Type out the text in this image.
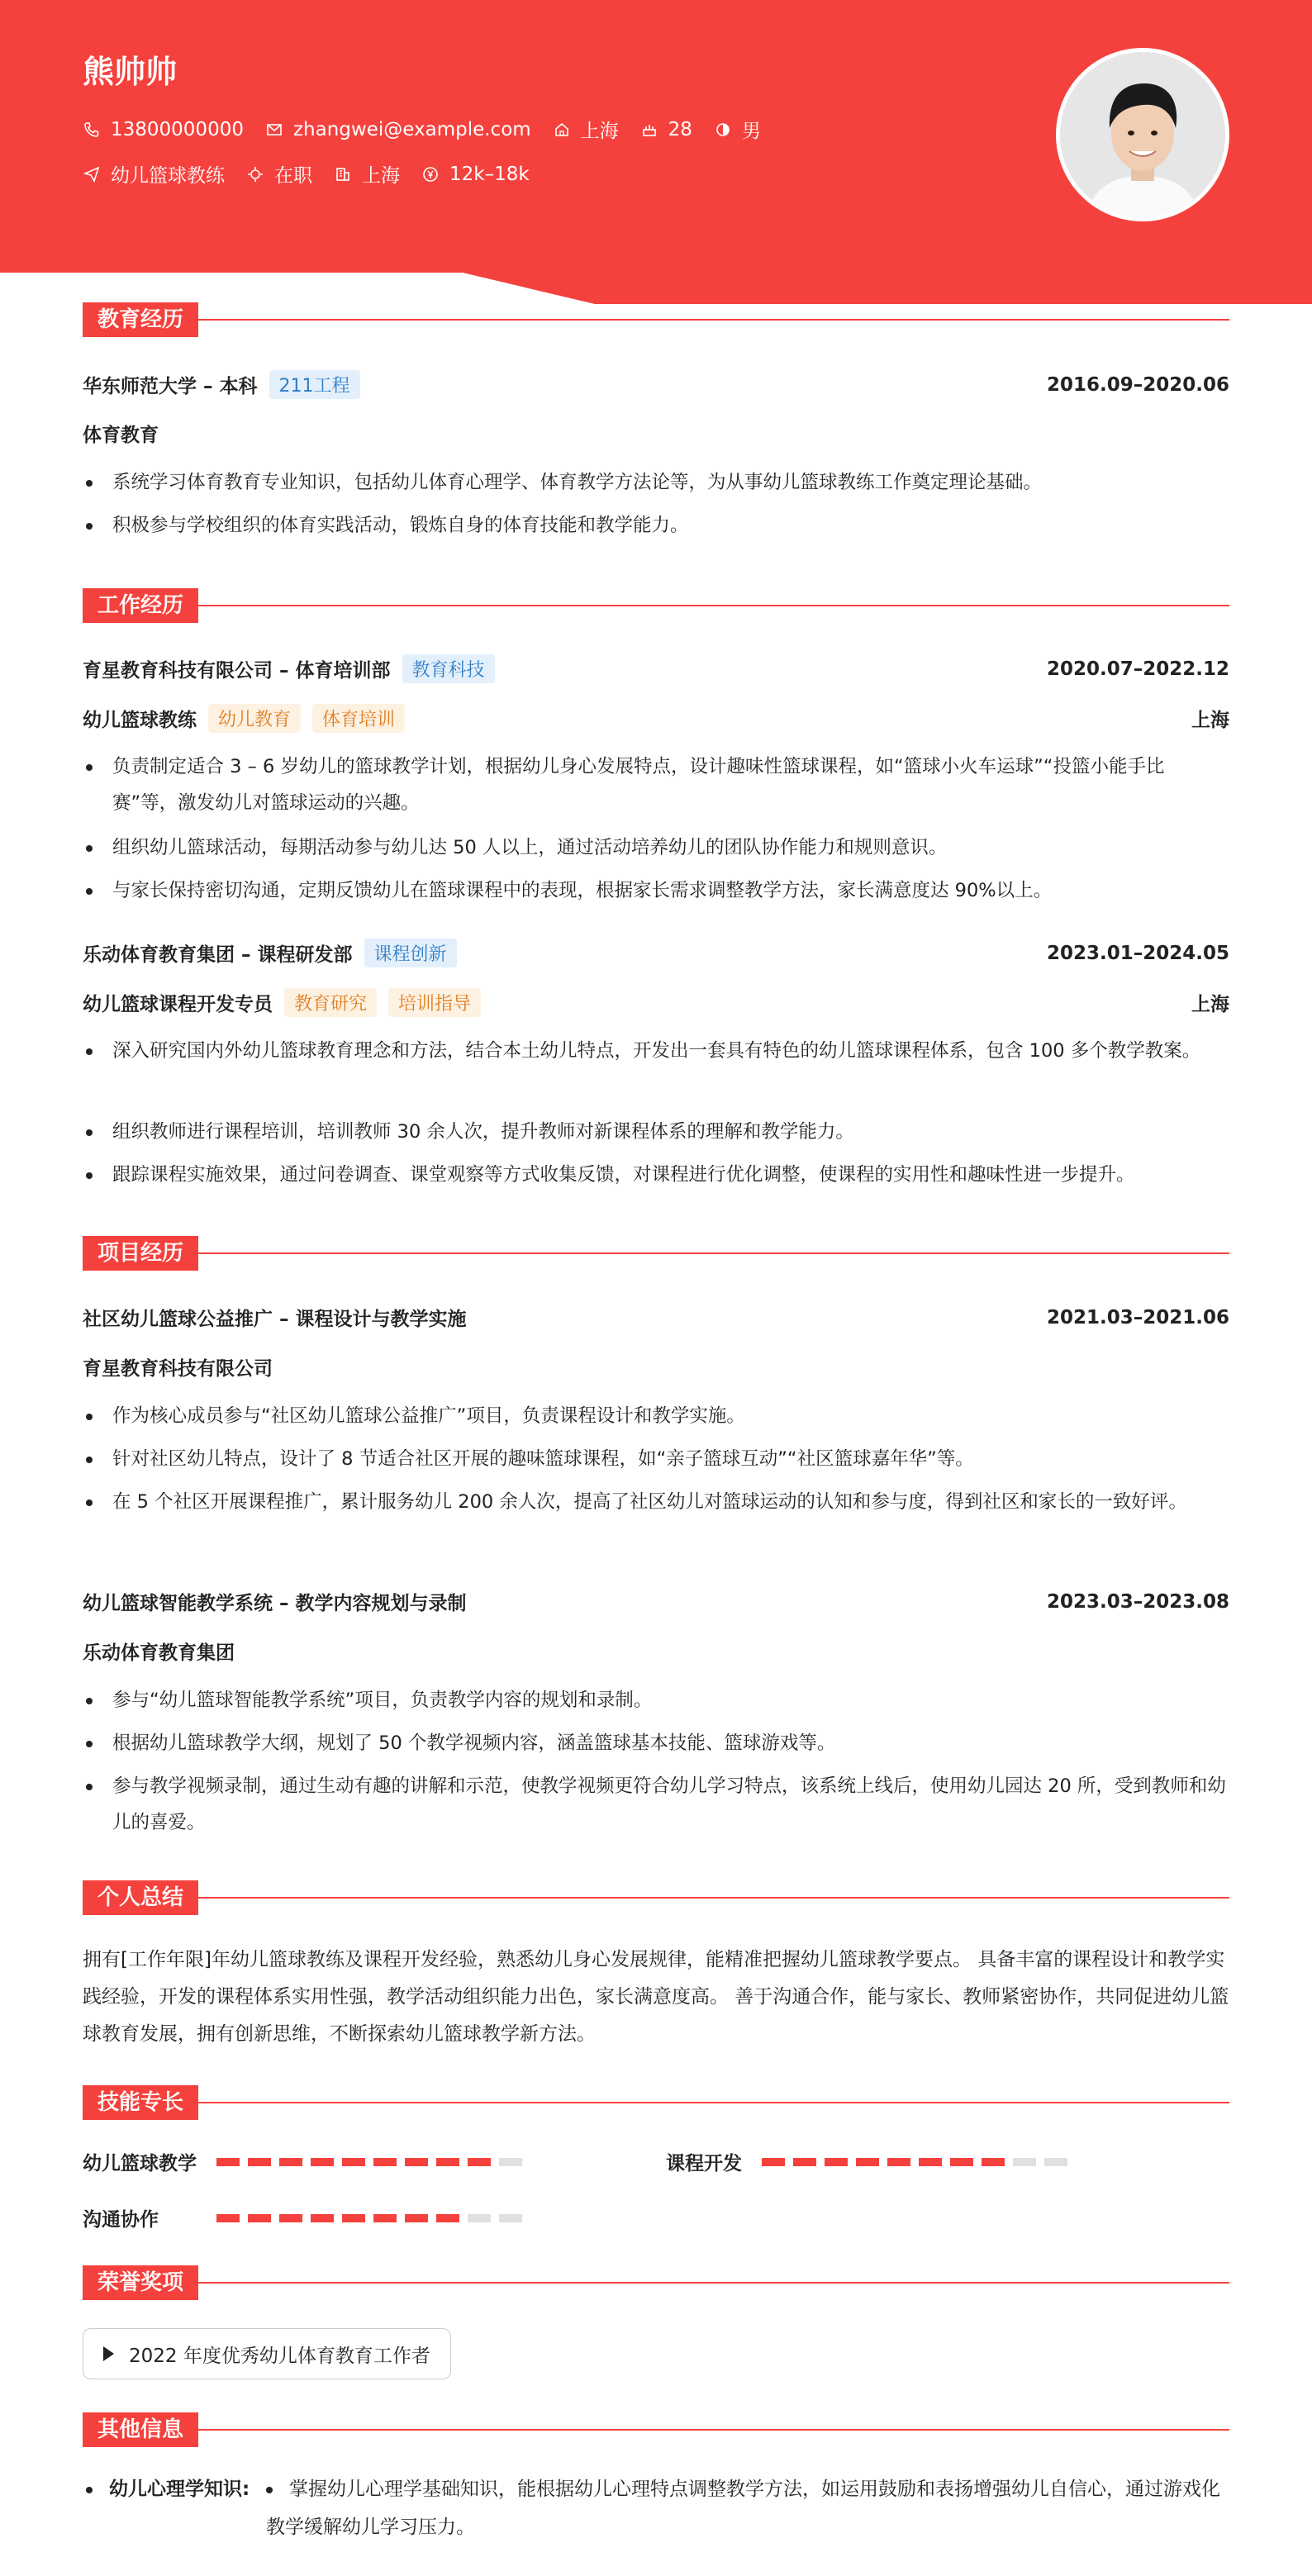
熊帅帅
13800000000	zhangwei@example.com	上海	28	男
幼儿篮球教练	在职	上海	12k–18k
教育经历
华东师范大学 – 本科	211工程	2016.09–2020.06
体育教育
系统学习体育教育专业知识，包括幼儿体育心理学、体育教学方法论等，为从事幼儿篮球教练工作奠定理论基础。
积极参与学校组织的体育实践活动，锻炼自身的体育技能和教学能力。
工作经历
育星教育科技有限公司 – 体育培训部	教育科技	2020.07–2022.12
幼儿篮球教练	幼儿教育	体育培训	上海
负责制定适合 3 – 6 岁幼儿的篮球教学计划，根据幼儿身心发展特点，设计趣味性篮球课程，如“篮球小火车运球”“投篮小能手比赛”等，激发幼儿对篮球运动的兴趣。
组织幼儿篮球活动，每期活动参与幼儿达 50 人以上，通过活动培养幼儿的团队协作能力和规则意识。
与家长保持密切沟通，定期反馈幼儿在篮球课程中的表现，根据家长需求调整教学方法，家长满意度达 90%以上。
乐动体育教育集团 – 课程研发部	课程创新	2023.01–2024.05
幼儿篮球课程开发专员	教育研究	培训指导	上海
深入研究国内外幼儿篮球教育理念和方法，结合本土幼儿特点，开发出一套具有特色的幼儿篮球课程体系，包含 100 多个教学教案。
组织教师进行课程培训，培训教师 30 余人次，提升教师对新课程体系的理解和教学能力。
跟踪课程实施效果，通过问卷调查、课堂观察等方式收集反馈，对课程进行优化调整，使课程的实用性和趣味性进一步提升。
项目经历
社区幼儿篮球公益推广 – 课程设计与教学实施	2021.03–2021.06
育星教育科技有限公司
作为核心成员参与“社区幼儿篮球公益推广”项目，负责课程设计和教学实施。
针对社区幼儿特点，设计了 8 节适合社区开展的趣味篮球课程，如“亲子篮球互动”“社区篮球嘉年华”等。
在 5 个社区开展课程推广，累计服务幼儿 200 余人次，提高了社区幼儿对篮球运动的认知和参与度，得到社区和家长的一致好评。
幼儿篮球智能教学系统 – 教学内容规划与录制	2023.03–2023.08
乐动体育教育集团
参与“幼儿篮球智能教学系统”项目，负责教学内容的规划和录制。
根据幼儿篮球教学大纲，规划了 50 个教学视频内容，涵盖篮球基本技能、篮球游戏等。
参与教学视频录制，通过生动有趣的讲解和示范，使教学视频更符合幼儿学习特点，该系统上线后，使用幼儿园达 20 所，受到教师和幼儿的喜爱。
个人总结
拥有[工作年限]年幼儿篮球教练及课程开发经验，熟悉幼儿身心发展规律，能精准把握幼儿篮球教学要点。 具备丰富的课程设计和教学实践经验，开发的课程体系实用性强，教学活动组织能力出色，家长满意度高。 善于沟通合作，能与家长、教师紧密协作，共同促进幼儿篮球教育发展，拥有创新思维，不断探索幼儿篮球教学新方法。
技能专长
幼儿篮球教学	课程开发
沟通协作
荣誉奖项
2022 年度优秀幼儿体育教育工作者
其他信息
幼儿心理学知识:	掌握幼儿心理学基础知识，能根据幼儿心理特点调整教学方法，如运用鼓励和表扬增强幼儿自信心，通过游戏化教学缓解幼儿学习压力。
